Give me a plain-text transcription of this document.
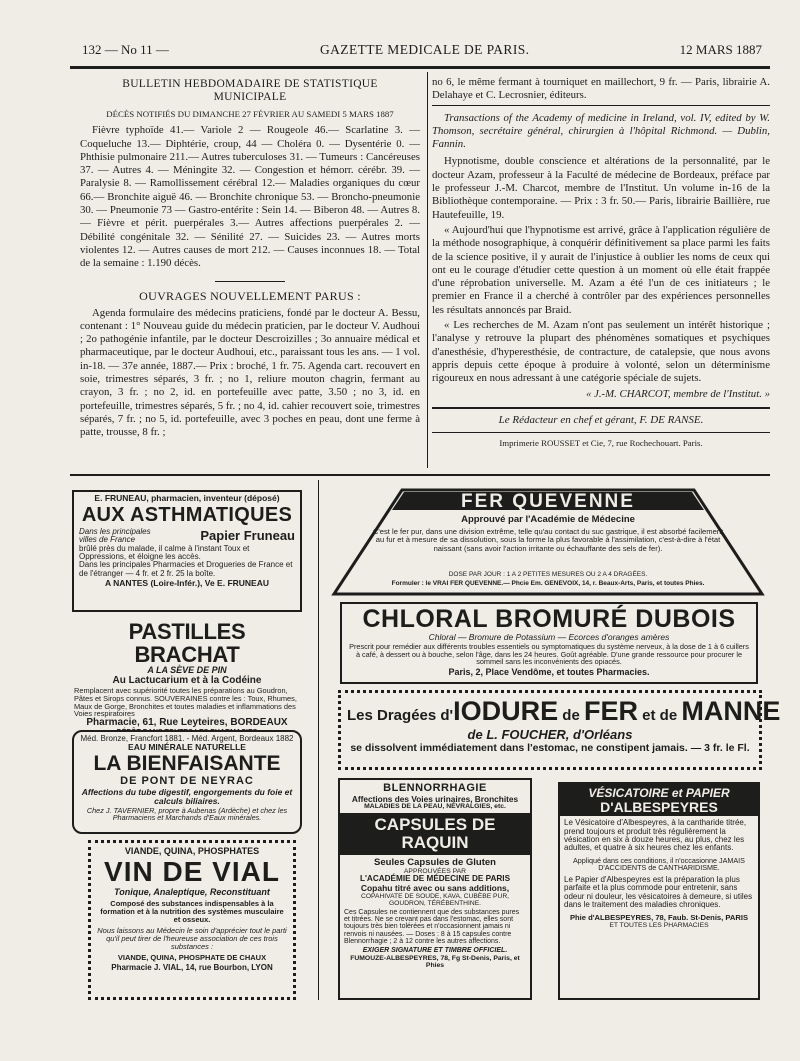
132 — No 11 —	GAZETTE MEDICALE DE PARIS.	12 MARS 1887
BULLETIN HEBDOMADAIRE DE STATISTIQUE MUNICIPALE
DÉCÈS NOTIFIÉS DU DIMANCHE 27 FÉVRIER AU SAMEDI 5 MARS 1887

Fièvre typhoïde 41.— Variole 2 — Rougeole 46.— Scarlatine 3. — Coqueluche 13.— Diphtérie, croup, 44 — Choléra 0. — Dysentérie 0. — Phthisie pulmonaire 211.— Autres tuberculoses 31. — Tumeurs : Cancéreuses 37. — Autres 4. — Méningite 32. — Congestion et hémorr. cérébr. 39. — Paralysie 8. — Ramollissement cérébral 12.— Maladies organiques du cœur 66.— Bronchite aiguë 46. — Bronchite chronique 53. — Broncho-pneumonie 30. — Pneumonie 73 — Gastro-entérite : Sein 14. — Biberon 48. — Autres 8. — Fièvre et périt. puerpérales 3.— Autres affections puerpérales 2. — Débilité congénitale 32. — Sénilité 27. — Suicides 23. — Autres morts violentes 12. — Autres causes de mort 212. — Causes inconnues 18. — Total de la semaine : 1.190 décès.

OUVRAGES NOUVELLEMENT PARUS :

Agenda formulaire des médecins praticiens, fondé par le docteur A. Bessu, contenant : 1° Nouveau guide du médecin praticien, par le docteur V. Audhoui ; 2o pathogénie infantile, par le docteur Descroizilles ; 3o annuaire médical et pharmaceutique, par le docteur Audhoui, etc., paraissant tous les ans. — 1 vol. in-18. — 37e année, 1887.— Prix : broché, 1 fr. 75. Agenda cart. recouvert en soie, trimestres séparés, 3 fr. ; no 1, reliure mouton chagrin, fermant au crayon, 3 fr. ; no 2, id. en portefeuille avec patte, 3.50 ; no 3, id. en portefeuille, trimestres séparés, 5 fr. ; no 4, id. cahier recouvert soie, trimestres séparés, 7 fr. ; no 5, id. portefeuille, avec 3 poches en peau, dont une ferme à patte, trousse, 8 fr. ;

no 6, le même fermant à tourniquet en maillechort, 9 fr. — Paris, librairie A. Delahaye et C. Lecrosnier, éditeurs.

Transactions of the Academy of medicine in Ireland, vol. IV, edited by W. Thomson, secrétaire général, chirurgien à l'hôpital Richmond. — Dublin, Fannin.

Hypnotisme, double conscience et altérations de la personnalité, par le docteur Azam, professeur à la Faculté de médecine de Bordeaux, préface par le professeur J.-M. Charcot, membre de l'Institut. Un volume in-16 de la Bibliothèque contemporaine. — Prix : 3 fr. 50.— Paris, librairie Baillière, rue Hautefeuille, 19.

« Aujourd'hui que l'hypnotisme est arrivé, grâce à l'application régulière de la méthode nosographique, à conquérir définitivement sa place parmi les faits de la science positive, il y aurait de l'injustice à oublier les noms de ceux qui ont eu le courage d'étudier cette question à un moment où elle était frappée d'une réprobation universelle. M. Azam a été l'un de ces initiateurs ; le premier en France il a cherché à contrôler par des expériences personnelles les résultats annoncés par Braid.

« Les recherches de M. Azam n'ont pas seulement un intérêt historique ; l'analyse y retrouve la plupart des phénomènes somatiques et psychiques d'anesthésie, d'hyperesthésie, de contracture, de catalepsie, que nous avons appris depuis cette époque à produire à volonté, selon un déterminisme rigoureux en nous adressant à une catégorie spéciale de sujets.

« J.-M. CHARCOT, membre de l'Institut. »

Le Rédacteur en chef et gérant, F. DE RANSE.

Imprimerie ROUSSET et Cie, 7, rue Rochechouart. Paris.

E. FRUNEAU, pharmacien, inventeur (déposé)
AUX ASTHMATIQUES
Dans les principales villes de France	Papier Fruneau
brûlé près du malade, il calme à l'instant Toux et Oppressions, et éloigne les accès.
Dans les principales Pharmacies et Drogueries de France et de l'étranger — 4 fr. et 2 fr. 25 la boîte.
A NANTES (Loire-Infér.), Ve E. FRUNEAU
PASTILLES BRACHAT
A LA SÈVE DE PIN
Au Lactucarium et à la Codéine
Remplacent avec supériorité toutes les préparations au Goudron, Pâtes et Sirops connus. SOUVERAINES contre les : Toux, Rhumes, Maux de Gorge, Bronchites et toutes maladies et inflammations des Voies respiratoires
Pharmacie, 61, Rue Leyteires, BORDEAUX
Méd. Bronze, Francfort 1881. - Méd. Argent, Bordeaux 1882
EAU MINÉRALE NATURELLE
LA BIENFAISANTE
DE PONT DE NEYRAC
Affections du tube digestif, engorgements du foie et calculs biliaires.
Chez J. TAVERNIER, propre à Aubenas (Ardèche) et chez les Pharmaciens et Marchands d'Eaux minérales.
VIANDE, QUINA, PHOSPHATES
VIN DE VIAL
Tonique, Analeptique, Reconstituant
Composé des substances indispensables à la formation et à la nutrition des systèmes musculaire et osseux.
Nous laissons au Médecin le soin d'apprécier tout le parti qu'il peut tirer de l'heureuse association de ces trois substances :
VIANDE, QUINA, PHOSPHATE DE CHAUX
Pharmacie J. VIAL, 14, rue Bourbon, LYON
FER QUEVENNE
Approuvé par l'Académie de Médecine
C'est le fer pur, dans une division extrême, telle qu'au contact du suc gastrique, il est absorbé facilement au fur et à mesure de sa dissolution, sous la forme la plus favorable à l'assimilation, c'est-à-dire à l'état naissant (sans avoir l'action irritante ou échauffante des sels de fer).
DOSE PAR JOUR : 1 A 2 PETITES MESURES OU 2 A 4 DRAGÉES.
Formuler : le VRAI FER QUEVENNE.— Phcie Em. GENEVOIX, 14, r. Beaux-Arts, Paris, et toutes Phies.
CHLORAL BROMURÉ DUBOIS
Chloral — Bromure de Potassium — Ecorces d'oranges amères
Prescrit pour remédier aux différents troubles essentiels ou symptomatiques du système nerveux, à la dose de 1 à 6 cuillers à café, à dessert ou à bouche, selon l'âge, dans les 24 heures. Goût agréable. D'une grande ressource pour procurer le sommeil sans les inconvénients des opiacés.
Paris, 2, Place Vendôme, et toutes Pharmacies.
Les Dragées d'IODURE de FER et de MANNE
de L. FOUCHER, d'Orléans
se dissolvent immédiatement dans l'estomac, ne constipent jamais. — 3 fr. le Fl.
BLENNORRHAGIE
Affections des Voies urinaires, Bronchites
MALADIES DE LA PEAU, NÉVRALGIES, etc.
CAPSULES DE RAQUIN
Seules Capsules de Gluten
APPROUVÉES PAR
L'ACADÉMIE DE MÉDECINE DE PARIS
Copahu titré avec ou sans additions,
COPAHIVATE DE SOUDE, KAVA, CUBÈBE PUR, GOUDRON, TÉRÉBENTHINE.
Ces Capsules ne contiennent que des substances pures et titrées. Ne se crevant pas dans l'estomac, elles sont toujours très bien tolérées et n'occasionnent jamais ni renvois ni nausées. — Doses : 8 à 15 capsules contre Blennorrhagie ; 2 à 12 contre les autres affections.
EXIGER SIGNATURE ET TIMBRE OFFICIEL.
FUMOUZE-ALBESPEYRES, 78, Fg St-Denis, Paris, et Phies
VÉSICATOIRE et PAPIER
D'ALBESPEYRES
Le Vésicatoire d'Albespeyres, à la cantharide titrée, prend toujours et produit très régulièrement la vésication en six à douze heures, au plus, chez les adultes, et quatre à six heures chez les enfants.
Appliqué dans ces conditions, il n'occasionne JAMAIS D'ACCIDENTS de CANTHARIDISME.
Le Papier d'Albespeyres est la préparation la plus parfaite et la plus commode pour entretenir, sans odeur ni douleur, les vésicatoires à demeure, si utiles dans le traitement des maladies chroniques.
Phie d'ALBESPEYRES, 78, Faub. St-Denis, PARIS
ET TOUTES LES PHARMACIES
